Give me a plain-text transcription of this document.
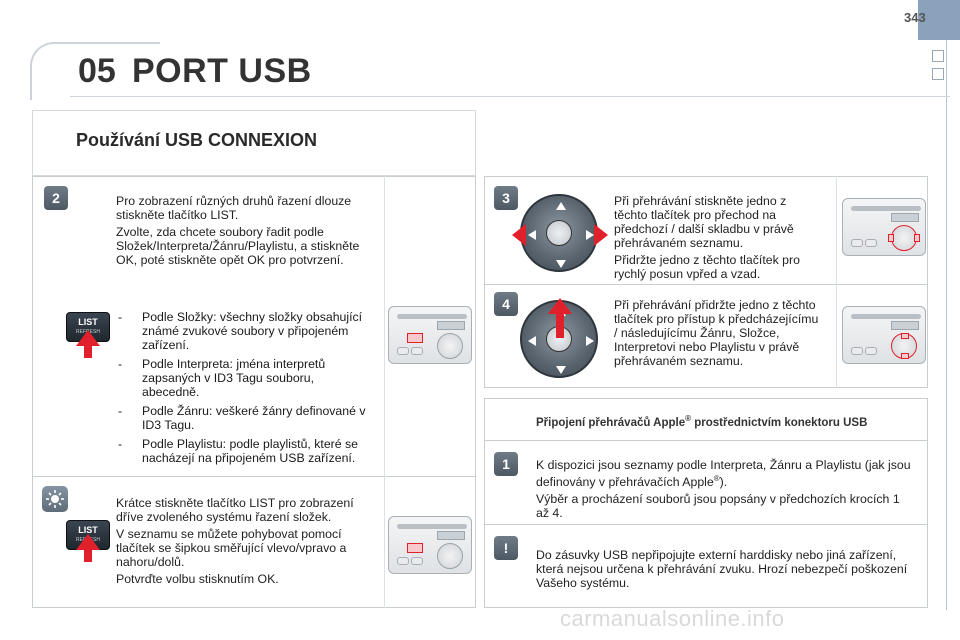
343
05 PORT USB
Používání USB CONNEXION
2	Pro zobrazení různých druhů řazení dlouze stiskněte tlačítko LIST.

Zvolte, zda chcete soubory řadit podle Složek/Interpreta/Žánru/Playlistu, a stiskněte OK, poté stiskněte opět OK pro potvrzení.

- Podle Složky: všechny složky obsahující známé zvukové soubory v připojeném zařízení.
- Podle Interpreta: jména interpretů zapsaných v ID3 Tagu souboru, abecedně.
- Podle Žánru: veškeré žánry definované v ID3 Tagu.
- Podle Playlistu: podle playlistů, které se nacházejí na připojeném USB zařízení.
LIST
REFRESH

Krátce stiskněte tlačítko LIST pro zobrazení dříve zvoleného systému řazení složek.

V seznamu se můžete pohybovat pomocí tlačítek se šipkou směřující vlevo/vpravo a nahoru/dolů.

Potvrďte volbu stisknutím OK.

LIST
REFRESH
3	Při přehrávání stiskněte jedno z těchto tlačítek pro přechod na předchozí / další skladbu v právě přehrávaném seznamu.

Přidržte jedno z těchto tlačítek pro rychlý posun vpřed a vzad.

4	Při přehrávání přidržte jedno z těchto tlačítek pro přístup k předcházejícímu / následujícímu Žánru, Složce, Interpretovi nebo Playlistu v právě přehrávaném seznamu.

Připojení přehrávačů Apple® prostřednictvím konektoru USB
1	K dispozici jsou seznamy podle Interpreta, Žánru a Playlistu (jak jsou definovány v přehrávačích Apple®).

Výběr a procházení souborů jsou popsány v předchozích krocích 1 až 4.

!	Do zásuvky USB nepřipojujte externí harddisky nebo jiná zařízení, která nejsou určena k přehrávání zvuku. Hrozí nebezpečí poškození Vašeho systému.
carmanualsonline.info
